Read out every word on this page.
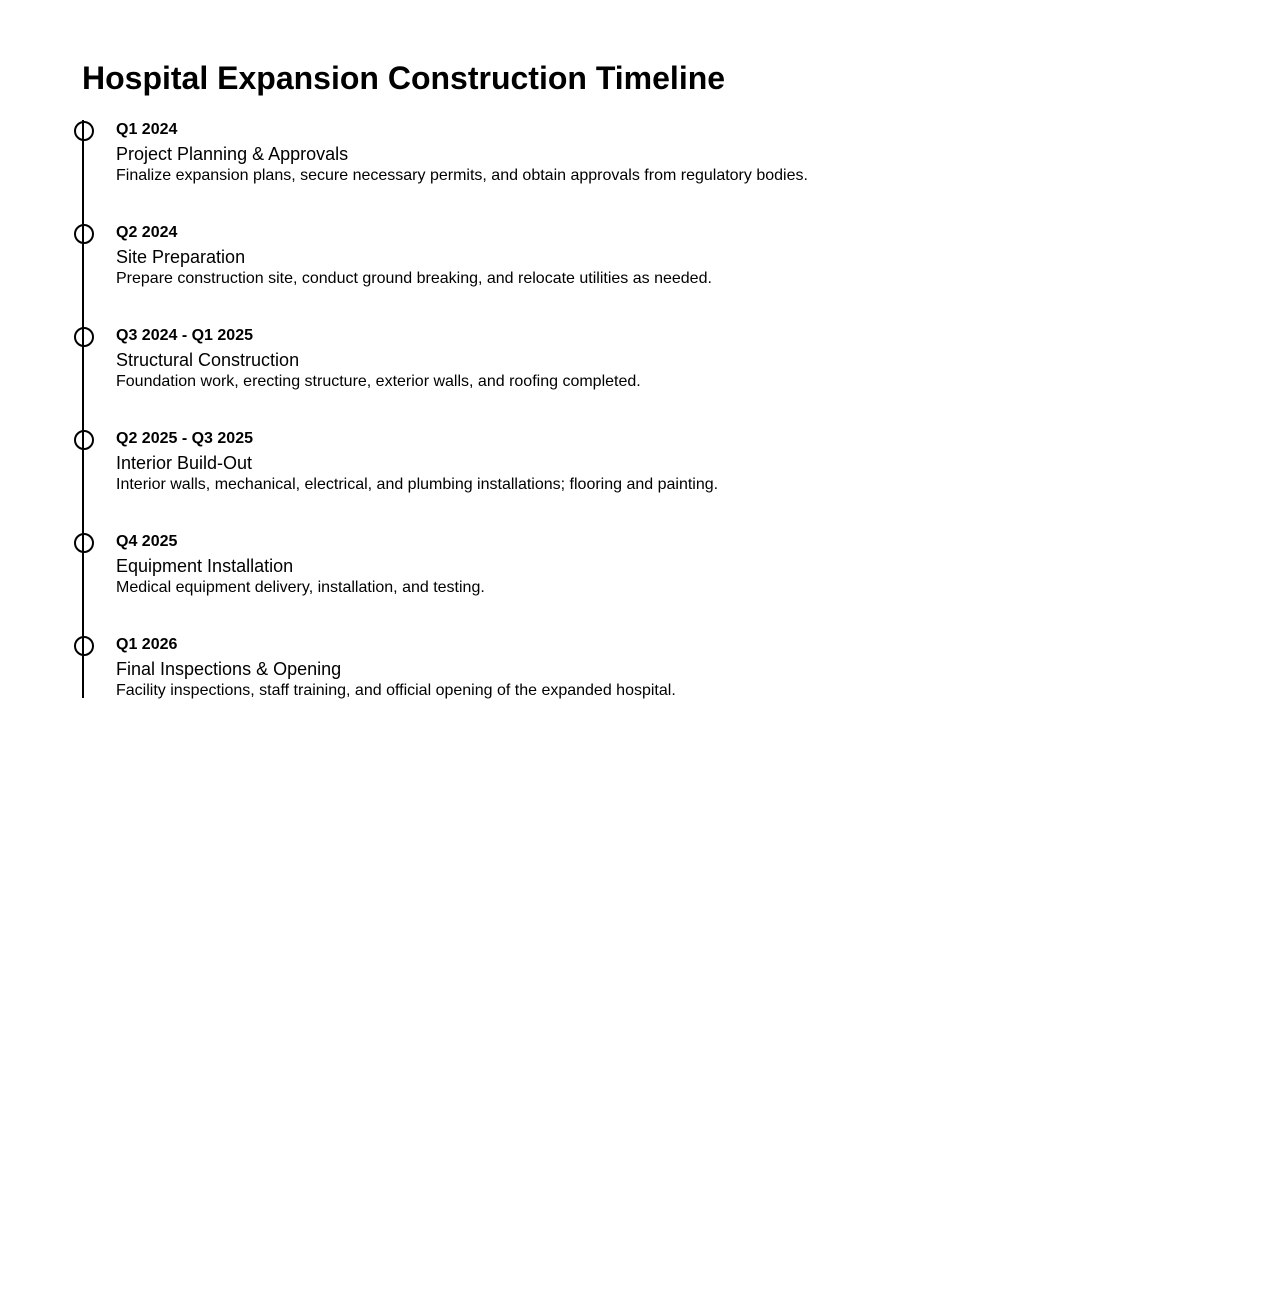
Hospital Expansion Construction Timeline
Q1 2024
Project Planning & Approvals
Finalize expansion plans, secure necessary permits, and obtain approvals from regulatory bodies.
Q2 2024
Site Preparation
Prepare construction site, conduct ground breaking, and relocate utilities as needed.
Q3 2024 - Q1 2025
Structural Construction
Foundation work, erecting structure, exterior walls, and roofing completed.
Q2 2025 - Q3 2025
Interior Build-Out
Interior walls, mechanical, electrical, and plumbing installations; flooring and painting.
Q4 2025
Equipment Installation
Medical equipment delivery, installation, and testing.
Q1 2026
Final Inspections & Opening
Facility inspections, staff training, and official opening of the expanded hospital.
